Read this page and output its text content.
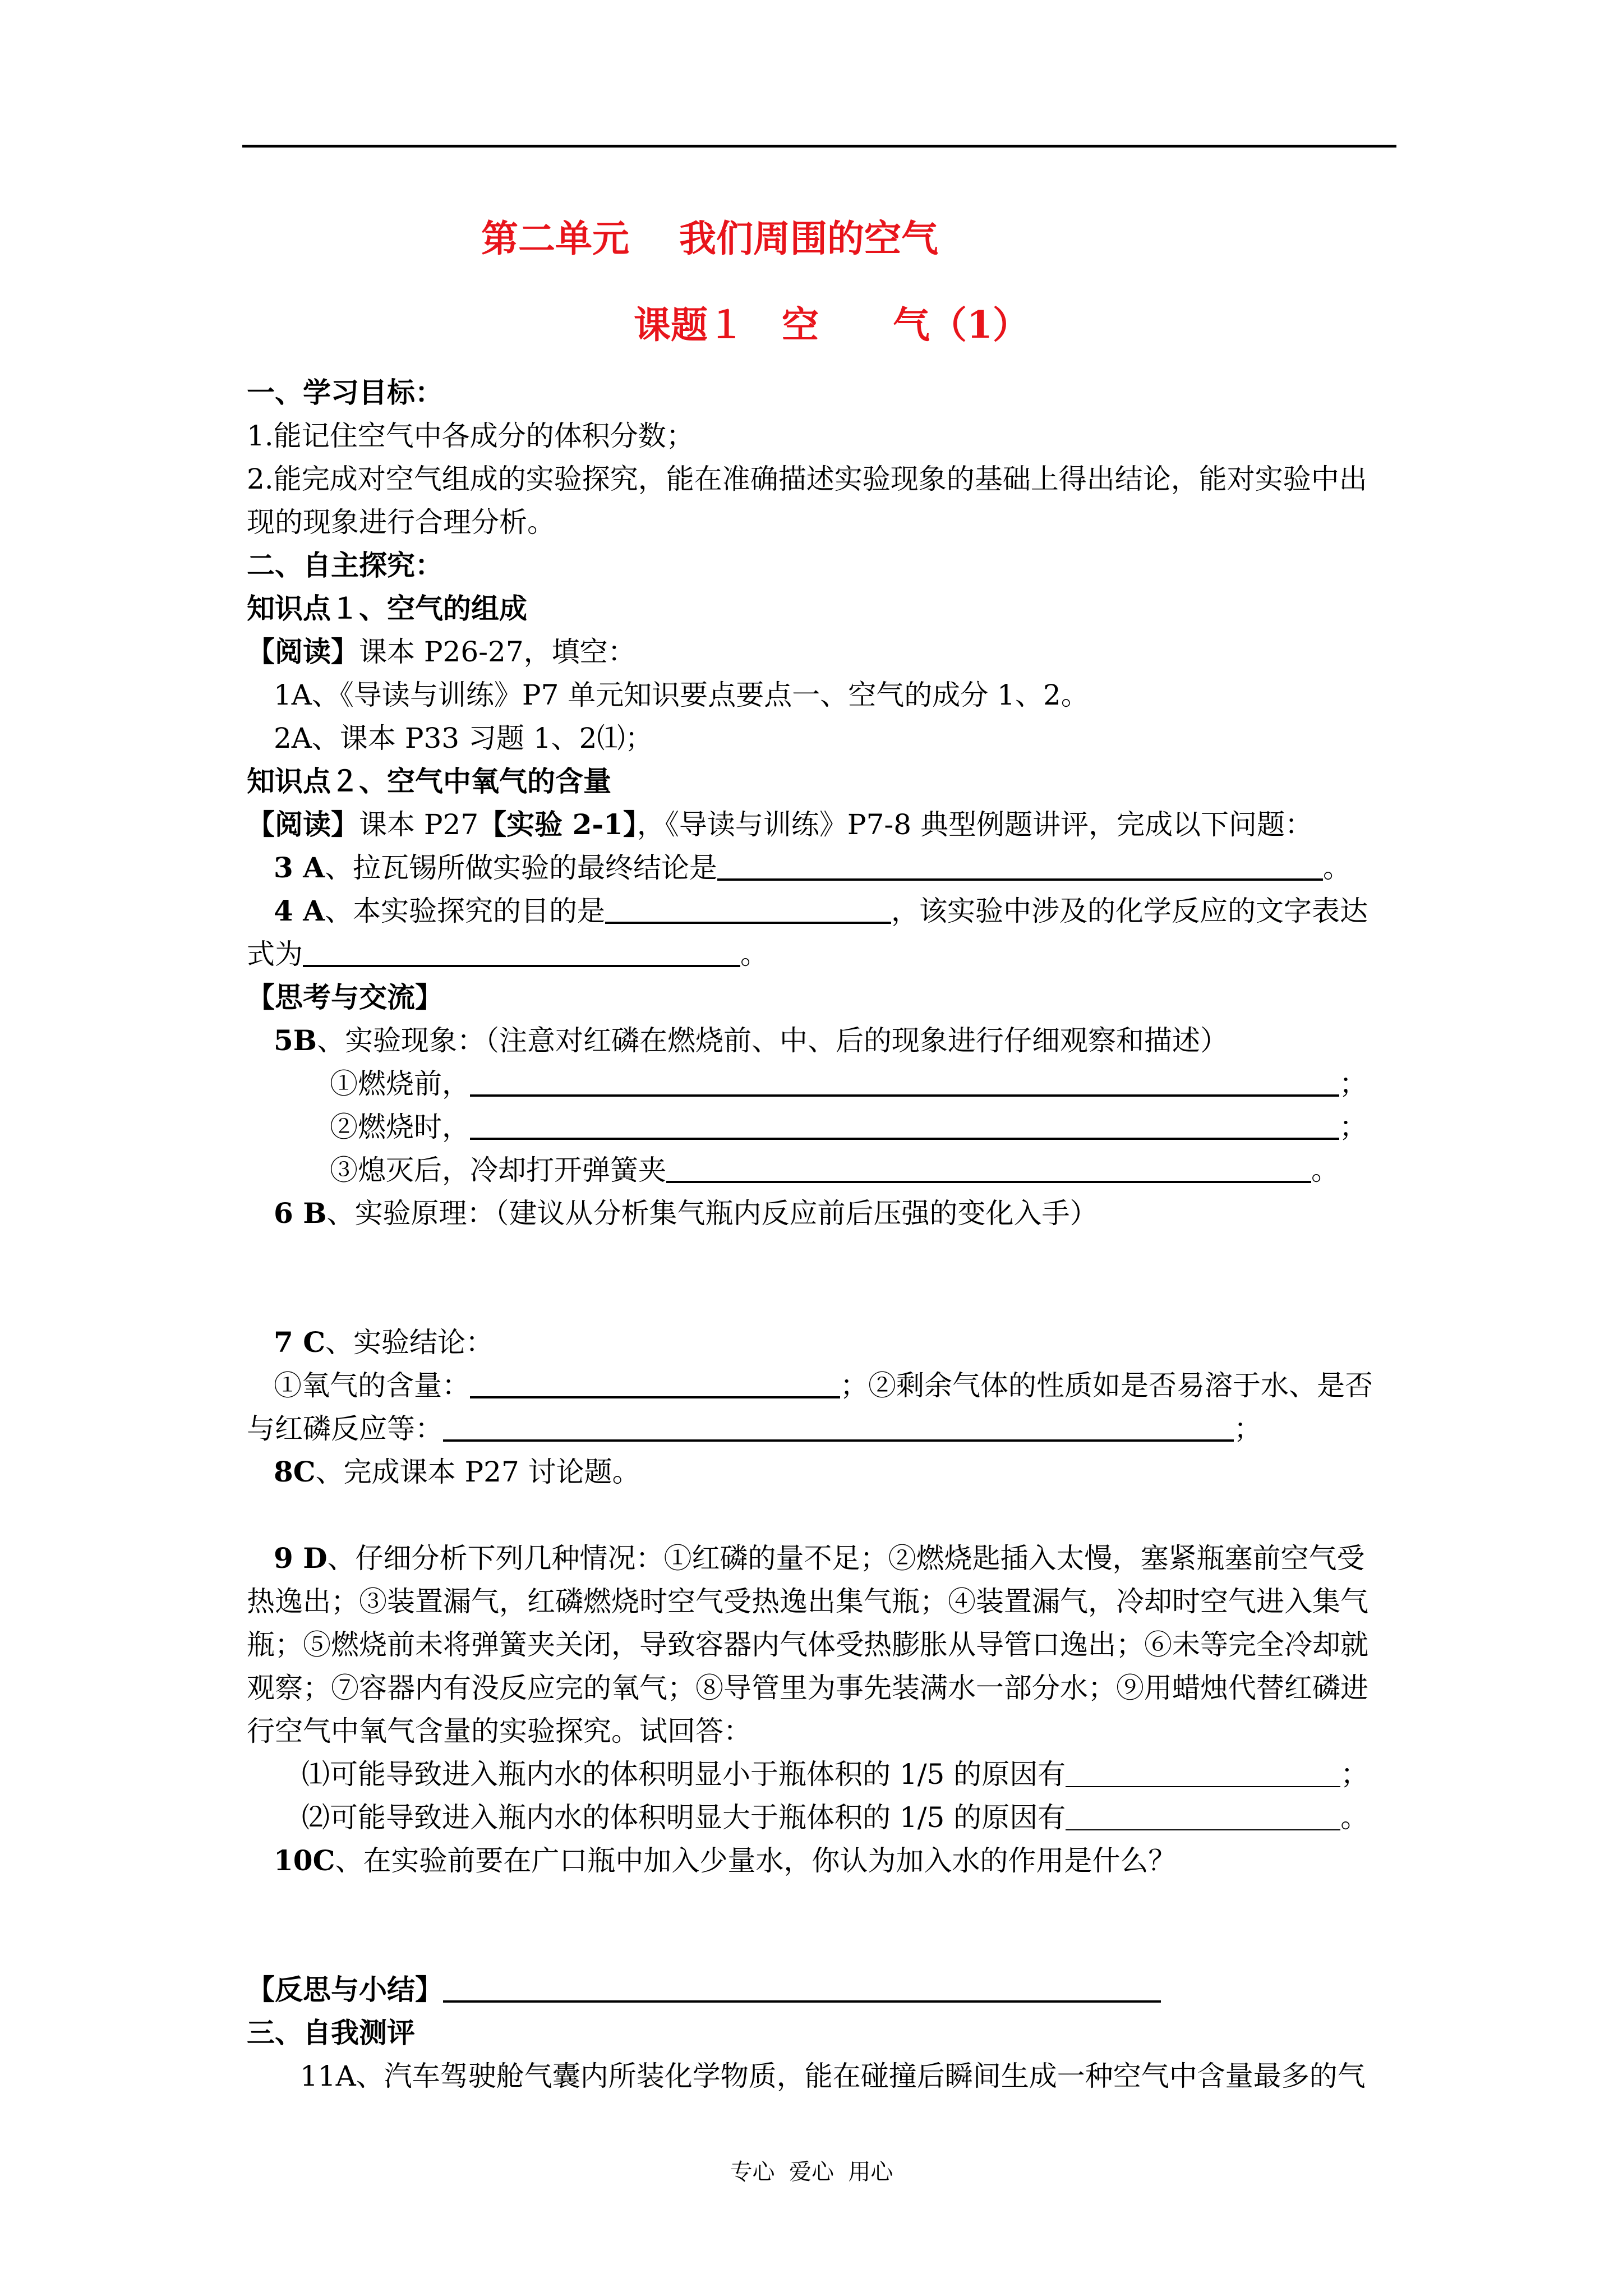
第二单元　 我们周围的空气
课题１　空　　气（1）
一、学习目标：
1.能记住空气中各成分的体积分数；
2.能完成对空气组成的实验探究，能在准确描述实验现象的基础上得出结论，能对实验中出
现的现象进行合理分析。
二、自主探究：
知识点１、空气的组成
【阅读】课本 P26-27，填空：
1A、《导读与训练》P7 单元知识要点要点一、空气的成分 1、2。
2A、课本 P33 习题 1、2⑴；
知识点２、空气中氧气的含量
【阅读】课本 P27【实验 2-1】，《导读与训练》P7-8 典型例题讲评，完成以下问题：
3 A、拉瓦锡所做实验的最终结论是	。
4 A、本实验探究的目的是	，该实验中涉及的化学反应的文字表达
式为	。
【思考与交流】
5B、实验现象：（注意对红磷在燃烧前、中、后的现象进行仔细观察和描述）
①燃烧前，	；
②燃烧时，	；
③熄灭后，冷却打开弹簧夹	。
6 B、实验原理：（建议从分析集气瓶内反应前后压强的变化入手）
7 C、实验结论：
①氧气的含量：	；②剩余气体的性质如是否易溶于水、是否
与红磷反应等：	；
8C、完成课本 P27 讨论题。
9 D、仔细分析下列几种情况：①红磷的量不足；②燃烧匙插入太慢，塞紧瓶塞前空气受
热逸出；③装置漏气，红磷燃烧时空气受热逸出集气瓶；④装置漏气，冷却时空气进入集气
瓶；⑤燃烧前未将弹簧夹关闭，导致容器内气体受热膨胀从导管口逸出；⑥未等完全冷却就
观察；⑦容器内有没反应完的氧气；⑧导管里为事先装满水一部分水；⑨用蜡烛代替红磷进
行空气中氧气含量的实验探究。试回答：
⑴可能导致进入瓶内水的体积明显小于瓶体积的 1/5 的原因有	；
⑵可能导致进入瓶内水的体积明显大于瓶体积的 1/5 的原因有	。
10C、在实验前要在广口瓶中加入少量水，你认为加入水的作用是什么？
【反思与小结】
三、自我测评
11A、汽车驾驶舱气囊内所装化学物质，能在碰撞后瞬间生成一种空气中含量最多的气
专心  爱心  用心
